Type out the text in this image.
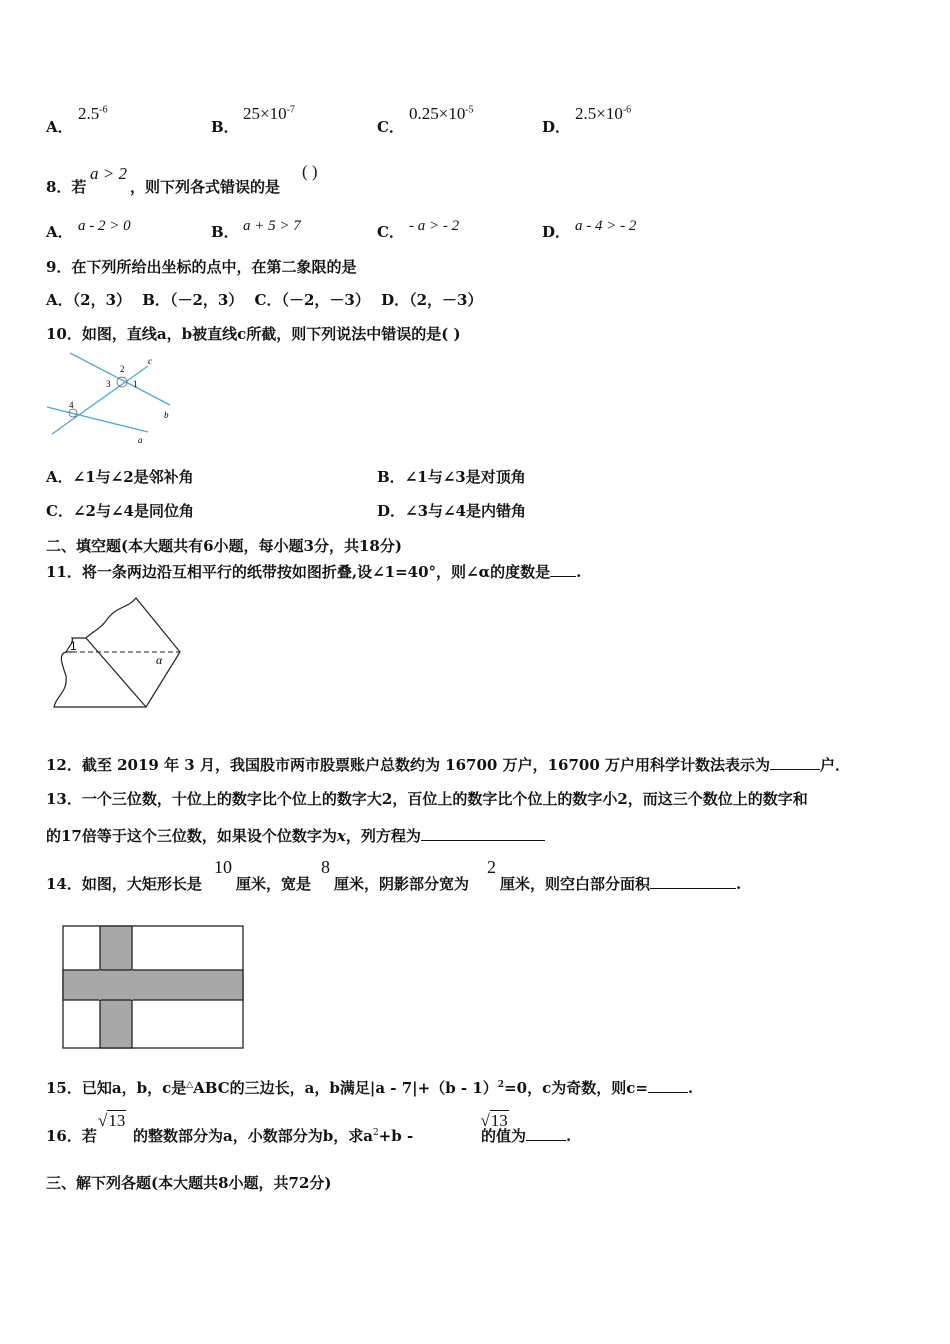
A．
$2.5^{-6}$
B．
$25\times 10^{-7}$
C．
$0.25\times 10^{-5}$
D．
$2.5\times 10^{-6}$
8．若
a > 2
，则下列各式错误的是
( )
A． a - 2 > 0	B． a + 5 > 7	C． - a > - 2	D． a - 4 > - 2
9．在下列所给出坐标的点中，在第二象限的是
A．（2，3） B．（－2，3） C．（－2，－3） D．（2，－3）
10．如图，直线a，b被直线c所截，则下列说法中错误的是( )
c
b
a
1
2
3
4
A．∠1与∠2是邻补角	B．∠1与∠3是对顶角
C．∠2与∠4是同位角	D．∠3与∠4是内错角
二、填空题(本大题共有6小题，每小题3分，共18分)
11．将一条两边沿互相平行的纸带按如图折叠,设∠1=40°，则∠α的度数是 .
1
α
12．截至 2019 年 3 月，我国股市两市股票账户总数约为 16700 万户，16700 万户用科学计数法表示为	户．
13．一个三位数，十位上的数字比个位上的数字大2，百位上的数字比个位上的数字小2，而这三个数位上的数字和
的17倍等于这个三位数，如果设个位数字为x，列方程为
14．如图，大矩形长是
10
厘米，宽是
8
厘米，阴影部分宽为
2
厘米，则空白部分面积	.
15．已知a，b，c是△ABC的三边长，a，b满足|a - 7|+（b - 1）$^2$=0，c为奇数，则c=	.
16．若
√13
的整数部分为a，小数部分为b，求$a^2+b$ -
√13
的值为	.
三、解下列各题(本大题共8小题，共72分)
